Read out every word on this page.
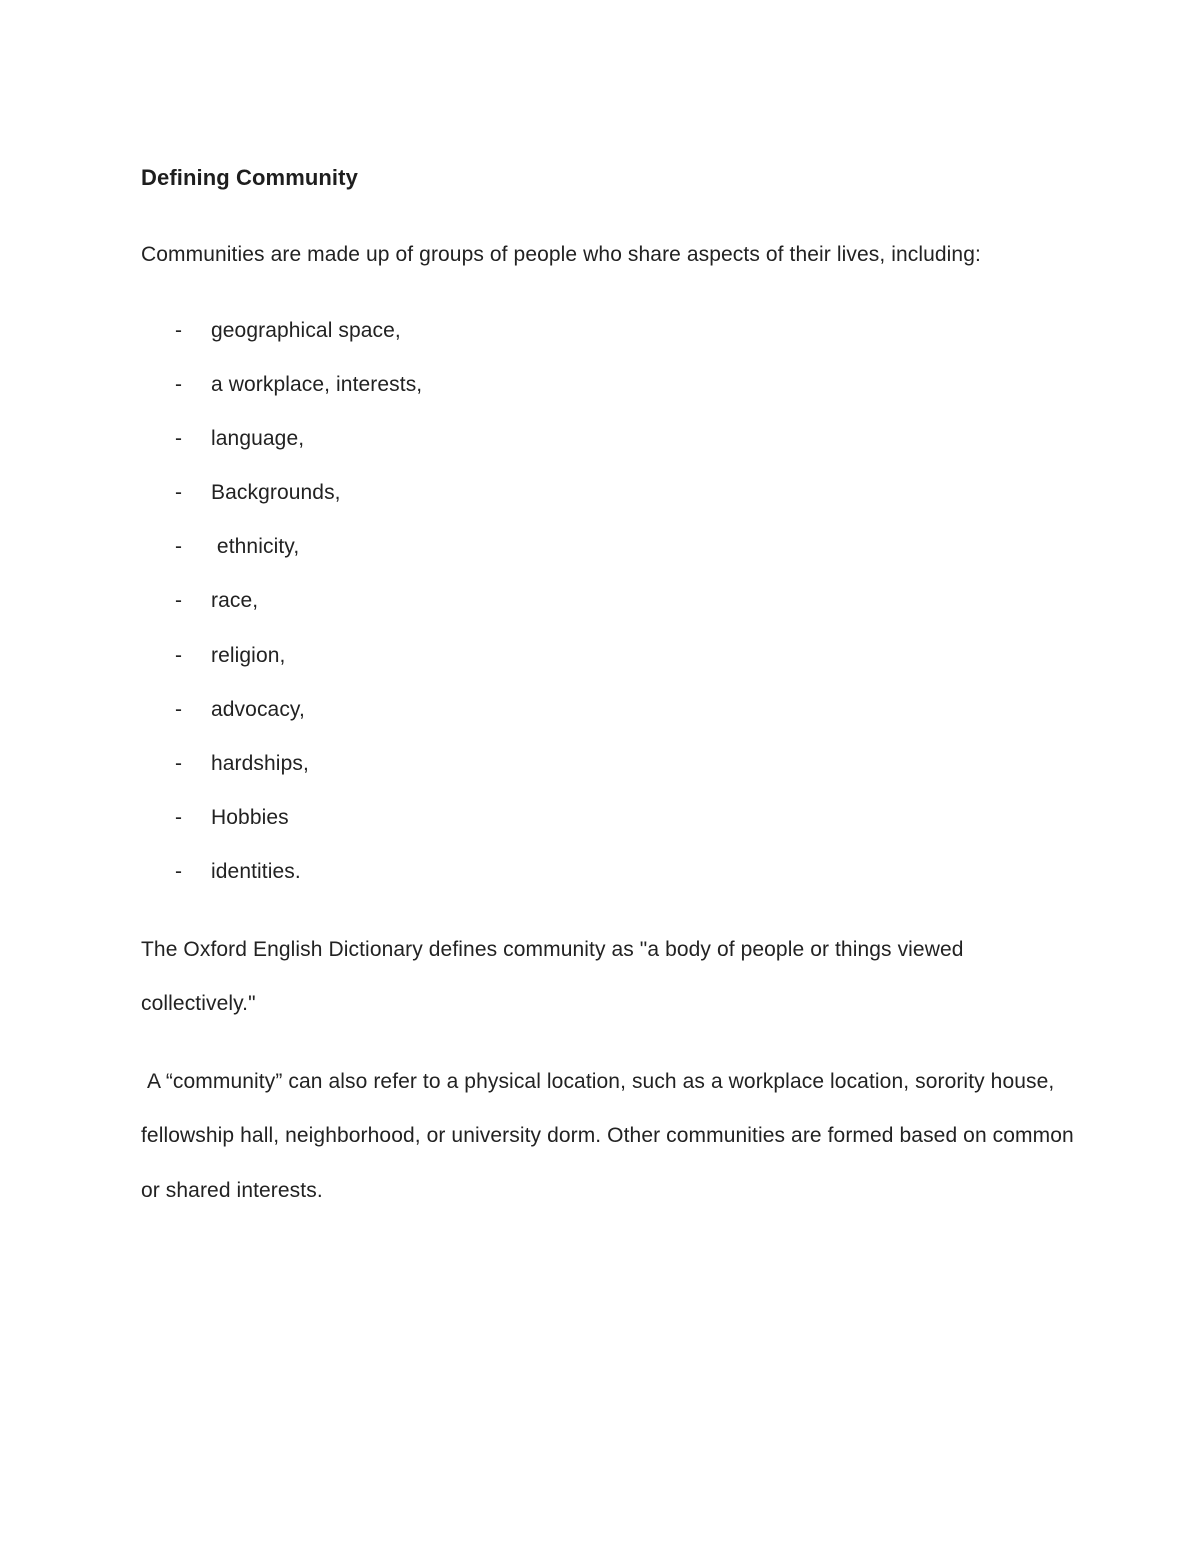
Defining Community

Communities are made up of groups of people who share aspects of their lives, including:

-	geographical space,
-	a workplace, interests,
-	language,
-	Backgrounds,
-	ethnicity,
-	race,
-	religion,
-	advocacy,
-	hardships,
-	Hobbies
-	identities.

The Oxford English Dictionary defines community as "a body of people or things viewed collectively."

A “community” can also refer to a physical location, such as a workplace location, sorority house, fellowship hall, neighborhood, or university dorm. Other communities are formed based on common or shared interests.
